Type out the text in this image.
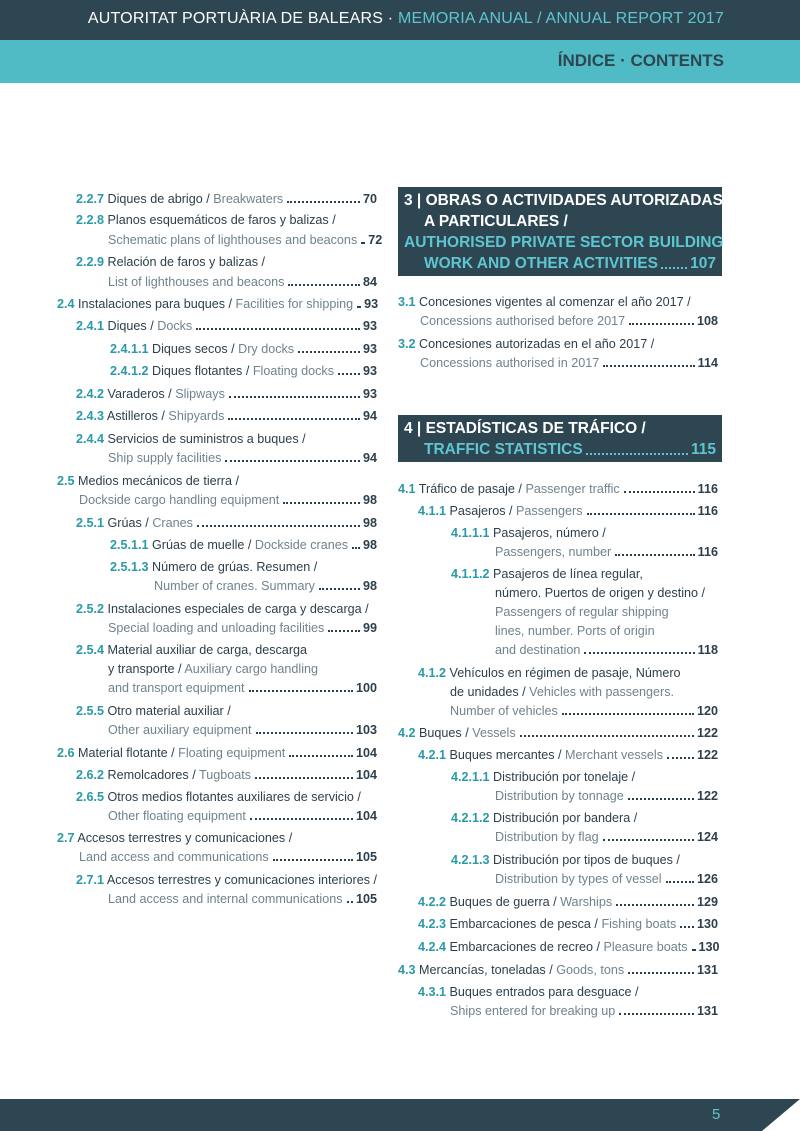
AUTORITAT PORTUÀRIA DE BALEARS · MEMORIA ANUAL / ANNUAL REPORT 2017
ÍNDICE · CONTENTS
2.2.7 Diques de abrigo / Breakwaters	70
2.2.8 Planos esquemáticos de faros y balizas /
Schematic plans of lighthouses and beacons 72
2.2.9 Relación de faros y balizas /
List of lighthouses and beacons	84
2.4 Instalaciones para buques / Facilities for shipping 93
2.4.1 Diques / Docks	93
2.4.1.1 Diques secos / Dry docks	93
2.4.1.2 Diques flotantes / Floating docks 93
2.4.2 Varaderos / Slipways	93
2.4.3 Astilleros / Shipyards	94
2.4.4 Servicios de suministros a buques /
Ship supply facilities	94
2.5 Medios mecánicos de tierra /
Dockside cargo handling equipment	98
2.5.1 Grúas / Cranes	98
2.5.1.1 Grúas de muelle / Dockside cranes 98
2.5.1.3 Número de grúas. Resumen /
Number of cranes. Summary	98
2.5.2 Instalaciones especiales de carga y descarga /
Special loading and unloading facilities	99
2.5.4 Material auxiliar de carga, descarga
y transporte / Auxiliary cargo handling
and transport equipment	100
2.5.5 Otro material auxiliar /
Other auxiliary equipment	103
2.6 Material flotante / Floating equipment	104
2.6.2 Remolcadores / Tugboats	104
2.6.5 Otros medios flotantes auxiliares de servicio /
Other floating equipment	104
2.7 Accesos terrestres y comunicaciones /
Land access and communications	105
2.7.1 Accesos terrestres y comunicaciones interiores /
Land access and internal communications 105
3 | OBRAS O ACTIVIDADES AUTORIZADAS
A PARTICULARES /
AUTHORISED PRIVATE SECTOR BUILDING
WORK AND OTHER ACTIVITIES 107
3.1 Concesiones vigentes al comenzar el año 2017 /
Concessions authorised before 2017	108
3.2 Concesiones autorizadas en el año 2017 /
Concessions authorised in 2017	114
4 | ESTADÍSTICAS DE TRÁFICO /
TRAFFIC STATISTICS	115
4.1 Tráfico de pasaje / Passenger traffic	116
4.1.1 Pasajeros / Passengers	116
4.1.1.1 Pasajeros, número /
Passengers, number	116
4.1.1.2 Pasajeros de línea regular,
número. Puertos de origen y destino /
Passengers of regular shipping
lines, number. Ports of origin
and destination	118
4.1.2 Vehículos en régimen de pasaje, Número
de unidades / Vehicles with passengers.
Number of vehicles	120
4.2 Buques / Vessels	122
4.2.1 Buques mercantes / Merchant vessels	122
4.2.1.1 Distribución por tonelaje /
Distribution by tonnage	122
4.2.1.2 Distribución por bandera /
Distribution by flag	124
4.2.1.3 Distribución por tipos de buques /
Distribution by types of vessel	126
4.2.2 Buques de guerra / Warships	129
4.2.3 Embarcaciones de pesca / Fishing boats 130
4.2.4 Embarcaciones de recreo / Pleasure boats 130
4.3 Mercancías, toneladas / Goods, tons	131
4.3.1 Buques entrados para desguace /
Ships entered for breaking up	131
5
